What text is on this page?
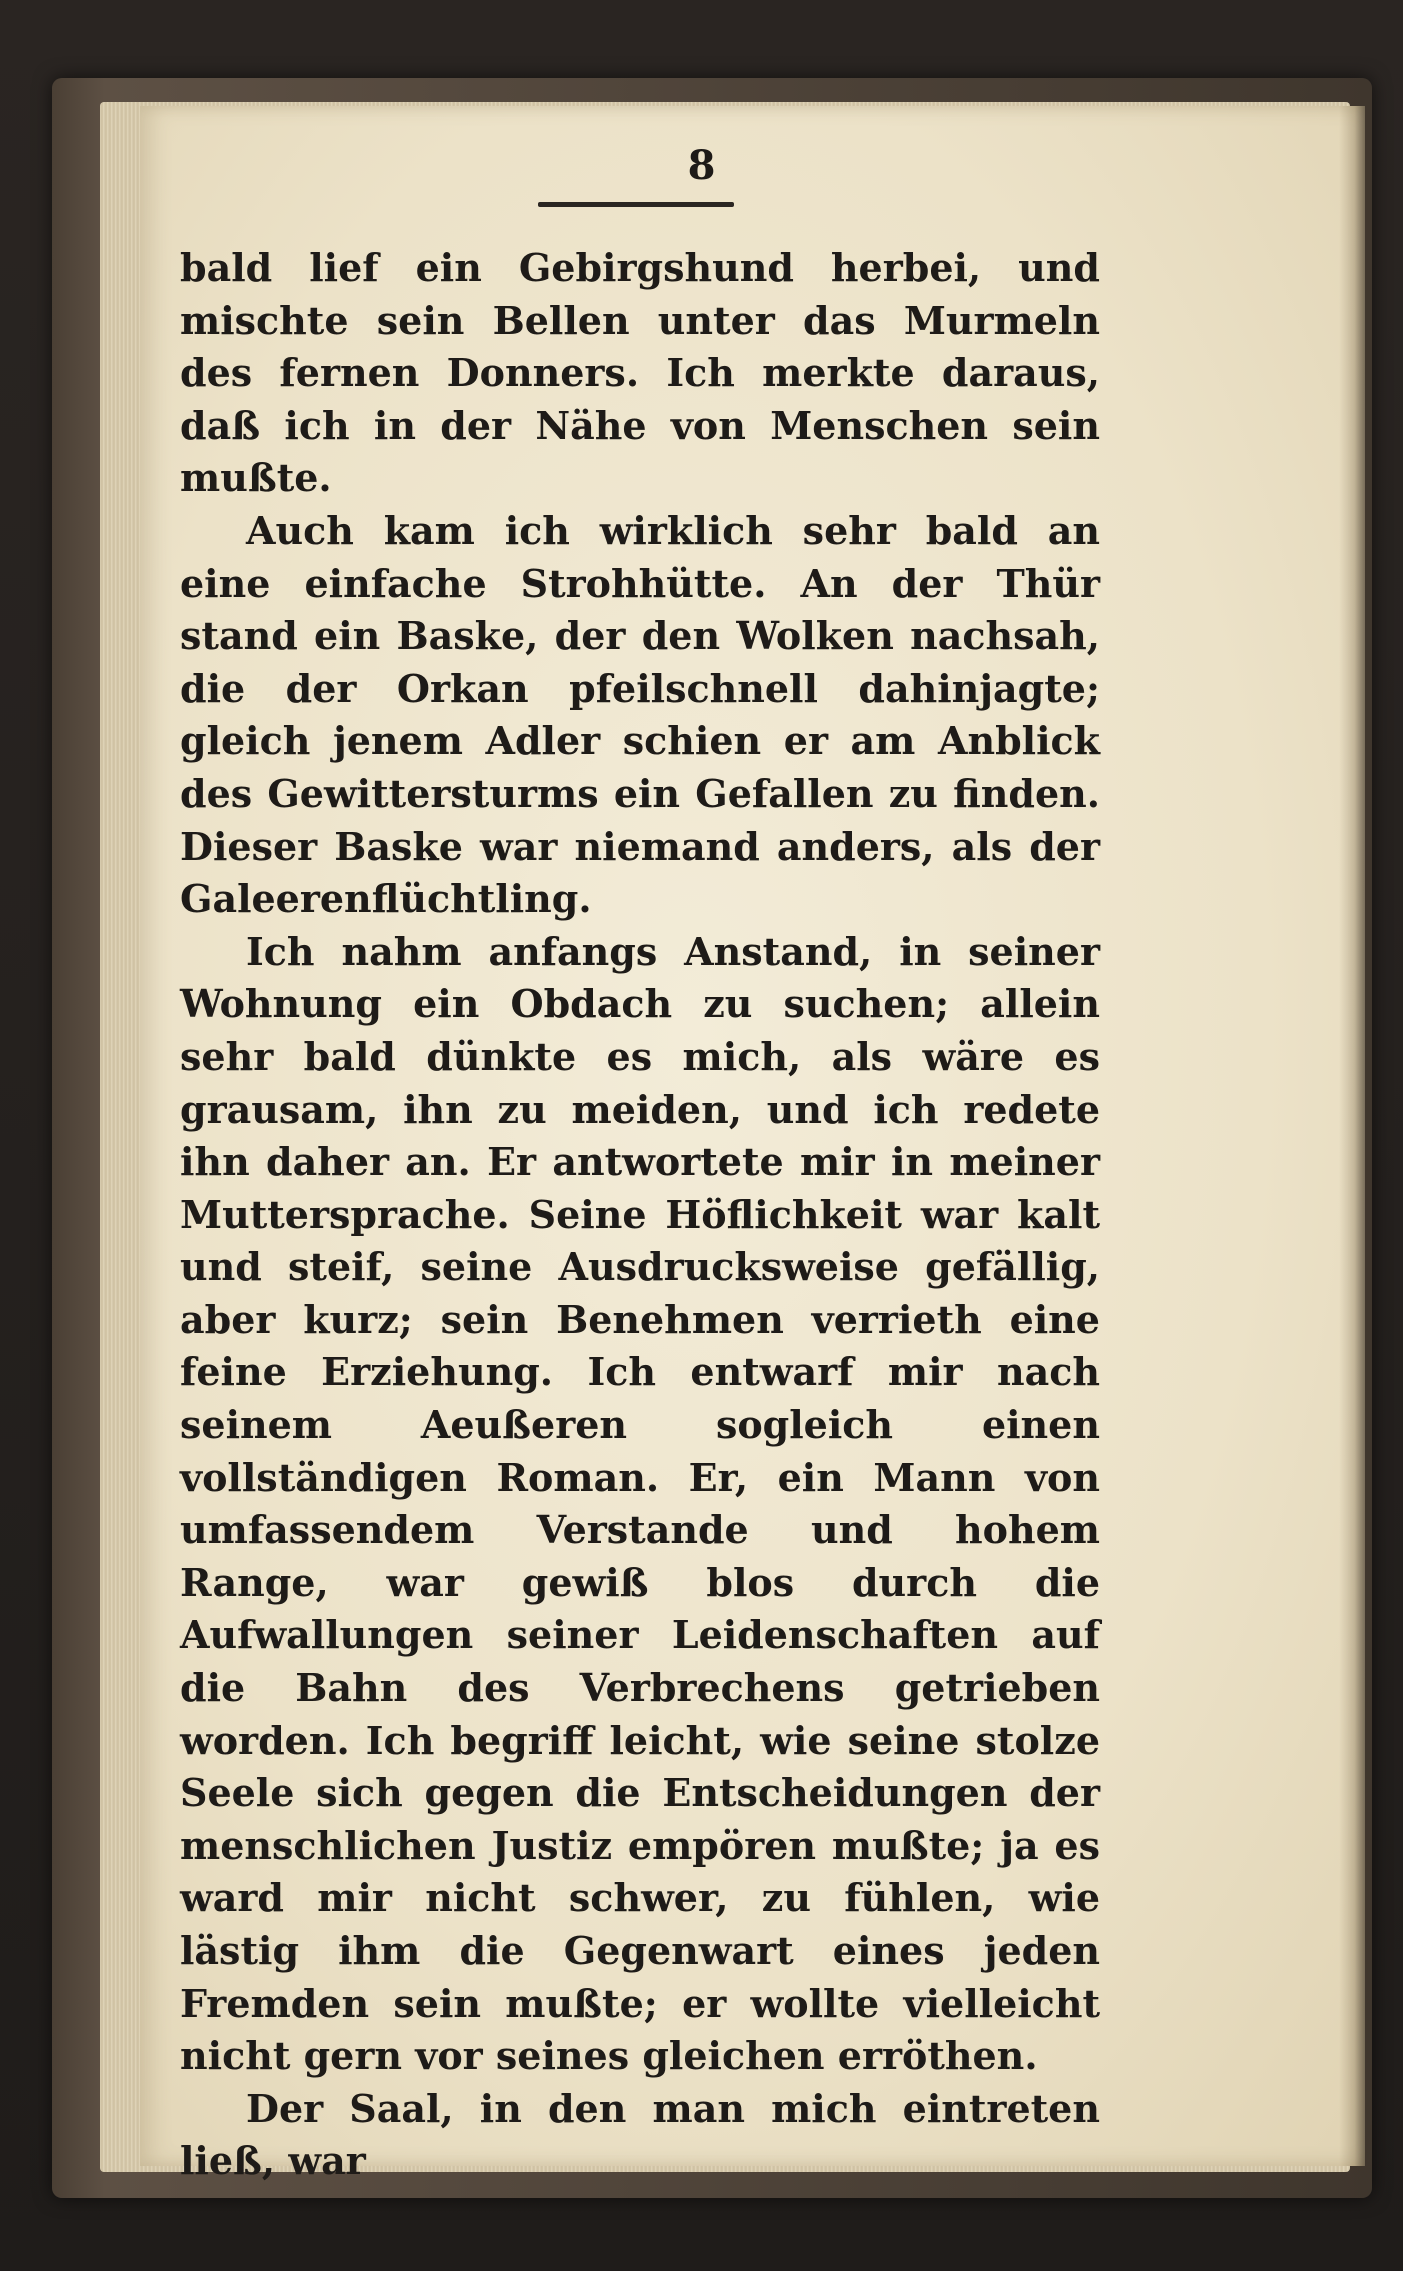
8

bald lief ein Gebirgshund herbei, und mischte sein Bellen unter das Murmeln des fernen Donners. Ich merkte daraus, daß ich in der Nähe von Menschen sein mußte.

Auch kam ich wirklich sehr bald an eine einfache Strohhütte. An der Thür stand ein Baske, der den Wolken nachsah, die der Orkan pfeilschnell dahinjagte; gleich jenem Adler schien er am Anblick des Gewittersturms ein Gefallen zu finden. Dieser Baske war niemand anders, als der Galeerenflüchtling.

Ich nahm anfangs Anstand, in seiner Wohnung ein Obdach zu suchen; allein sehr bald dünkte es mich, als wäre es grausam, ihn zu meiden, und ich redete ihn daher an. Er antwortete mir in meiner Muttersprache. Seine Höflichkeit war kalt und steif, seine Ausdrucksweise gefällig, aber kurz; sein Benehmen verrieth eine feine Erziehung. Ich entwarf mir nach seinem Aeußeren sogleich einen vollständigen Roman. Er, ein Mann von umfassendem Verstande und hohem Range, war gewiß blos durch die Aufwallungen seiner Leidenschaften auf die Bahn des Verbrechens getrieben worden. Ich begriff leicht, wie seine stolze Seele sich gegen die Entscheidungen der menschlichen Justiz empören mußte; ja es ward mir nicht schwer, zu fühlen, wie lästig ihm die Gegenwart eines jeden Fremden sein mußte; er wollte vielleicht nicht gern vor seines gleichen erröthen.

Der Saal, in den man mich eintreten ließ, war
